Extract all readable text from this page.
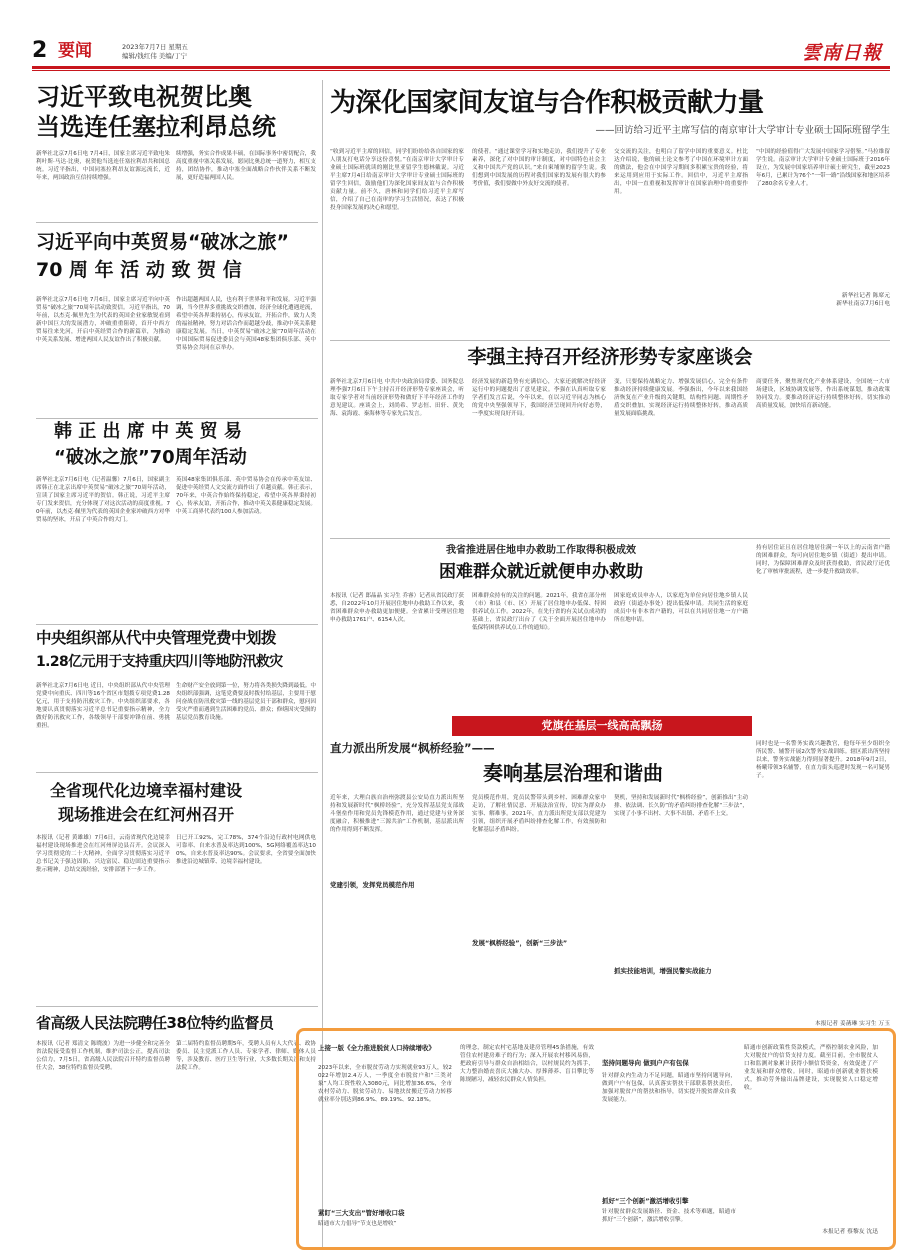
2 要闻	2023年7月7日 星期五
编辑/钱红伟 美编/丁宁	雲南日報
习近平致电祝贺比奥
当选连任塞拉利昂总统
新华社北京7月6日电 7月4日，国家主席习近平致电朱利叶斯·马达·比奥，祝贺他当选连任塞拉利昂共和国总统。习近平指出，中国同塞拉利昂友谊源远流长，近年来，两国政治互信持续增强。
续增强，务实合作成果丰硕，在国际事务中密切配合，我高度重视中塞关系发展，愿同比奥总统一道努力，相互支持，团结协作，推动中塞全面战略合作伙伴关系不断发展，更好造福两国人民。
习近平向中英贸易“破冰之旅”
70 周 年 活 动 致 贺 信
新华社北京7月6日电 7月6日，国家主席习近平向中英贸易“破冰之旅”70周年活动致贺信。习近平指出，70年前，以杰克·佩里先生为代表的英国企业家敏锐看到新中国巨大的发展潜力，冲破重重阻碍，首开中西方贸易往来先河，开启中英经贸合作的新篇章，为推动中英关系发展、增进两国人民友谊作出了积极贡献。
作出超越两国人民，也有利于世界和平和发展。习近平强调，当今世界多重挑战交织叠加，经济全球化遭遇逆流，希望中英各界秉持初心，传承友谊，开拓合作，致力人类的福祉精神，努力对话合作而超越分歧，推动中英关系健康稳定发展。当日，中英贸易“破冰之旅”70周年活动在中国国际贸易促进委员会与英国48家集团俱乐部、英中贸易协会共同在京举办。
韩 正 出 席 中 英 贸 易
“破冰之旅”70周年活动
新华社北京7月6日电（记者温馨）7月6日，国家副主席韩正在北京出席中英贸易“破冰之旅”70周年活动，宣读了国家主席习近平的贺信。韩正说，习近平主席专门发来贺信，充分体现了对这次活动的高度重视。70年前，以杰克·佩里为代表的英国企业家冲破西方对华贸易的坚冰，开启了中英合作的大门。
英国48家集团俱乐部、英中贸易协会在传承中英友谊、促进中英经贸人文交流方面作出了卓越贡献。韩正表示，70年来，中英合作始终保持稳定，希望中英各界秉持初心，传承友谊，开拓合作，推动中英关系健康稳定发展。中英工商界代表约100人参加活动。
中央组织部从代中央管理党费中划拨
1.28亿元用于支持重庆四川等地防汛救灾
新华社北京7月6日电 近日，中央组织部从代中央管理党费中向重庆、四川等16个省区市划拨专项党费1.28亿元，用于支持防汛救灾工作。中央组织部要求，各地要认真贯彻落实习近平总书记重要指示精神，全力做好防汛救灾工作，各级领导干部要冲锋在前、勇挑重担。
生命财产安全放到第一位，努力将各类损失降到最低。中央组织部强调，这笔党费要及时拨付给基层，主要用于慰问奋战在防汛救灾第一线的基层党员干部和群众，慰问因受灾严重而遇到生活困难的党员、群众；修缮因灾受损的基层党员教育设施。
全省现代化边境幸福村建设
现场推进会在红河州召开
本报讯（记者 黄雄雄）7月6日，云南省现代化边境幸福村建设现场推进会在红河州屏边县召开。会议深入学习贯彻党的二十大精神，全面学习贯彻落实习近平总书记关于强边固防、兴边富民、稳边固边重要指示批示精神，总结交流经验，安排部署下一步工作。
日已开工92%，完工78%，374个沿边行政村电网供电可靠率、自来水普及率达到100%，5G网络覆盖率达100%，自来水普及率达90%。会议要求，全省要全面加快推进沿边城镇带、边境幸福村建设。
省高级人民法院聘任38位特约监督员
本报讯（记者 郑清文 陈晓波）为进一步健全和完善全省法院接受监督工作机制，维护司法公正，提高司法公信力，7月5日，省高级人民法院召开特约监督员聘任大会，38位特约监督员受聘。
第二届特约监督员聘期5年，受聘人员有人大代表、政协委员、民主党派工作人员、专家学者、律师、媒体人员等，涉及教育、医疗卫生等行业，大多数长期关注和支持法院工作。
为深化国家间友谊与合作积极贡献力量
——回访给习近平主席写信的南京审计大学审计专业硕士国际班留学生
“收到习近平主席的回信，同学们纷纷给各自国家的家人朋友打电话分享这份喜悦。”在南京审计大学审计专业硕士国际班就读的刚比里亚留学生德林戴说。习近平主席7月4日给南京审计大学审计专业硕士国际班的留学生回信，鼓励他们为深化国家间友谊与合作积极贡献力量。前不久，唐林和同学们给习近平主席写信，介绍了自己在南审的学习生活情况，表达了积极投身国家发展的决心和愿望。
的使者。“通过课堂学习和实地走访，我们提升了专业素养，深化了对中国的审计制度，对中国特色社会主义和中国共产党的认识。”来自柬埔寨的留学生说。我们想到中国发展的历程对我们国家的发展有很大的参考价值，我们要做中外友好交流的使者。
交交流的关注，也明白了留学中国的重要意义。杜比达介绍说，他的硕士论文参考了中国在环境审计方面的做法，他会在中国学习期间多积累宝贵的经验，将来运用到应用于实际工作。回信中，习近平主席指出，中国一直重视和发挥审计在国家治理中的重要作用。
“中国的经验值得广大发展中国家学习借鉴。”马拉维留学生说。南京审计大学审计专业硕士国际班于2016年设立，为发展中国家培养审计硕士研究生，截至2023年6月，已累计为76个“一带一路”沿线国家和地区培养了280余名专业人才。
新华社记者 陈席元
新华社南京7月6日电
李强主持召开经济形势专家座谈会
新华社北京7月6日电 中共中央政治局常委、国务院总理李强7月6日下午主持召开经济形势专家座谈会，听取专家学者对当前经济形势和做好下半年经济工作的意见建议。座谈会上，刘尚希、罗志恒、田轩、黄先海、袁海霞、秦海林等专家先后发言。
经济发展的新趋势有充满信心，大家还就解决好经济运行中的问题提出了意见建议。李强在认真听取专家学者们发言后说，今年以来，在以习近平同志为核心的党中央坚强领导下，我国经济呈现回升向好态势，一季度实现良好开局。
变，只要保持战略定力、增强发展信心，完全有条件推动经济持续健康发展。李强指出，今年以来我国经济恢复在产业升级的关键期，结构性问题、周期性矛盾交织叠加，实现经济运行持续整体好转，推动高质量发展面临挑战。
商要任务，聚焦现代化产业体系建设，全国统一大市场建设，区域协调发展等，作出系统谋划，推动政策协同发力。要推动经济运行持续整体好转，切实推动高质量发展，加快培育新动能。
我省推进居住地申办救助工作取得积极成效
困难群众就近就便申办救助
本报讯（记者 郎晶晶 实习生 乔睿）记者从省民政厅获悉，自2022年10月开展居住地申办救助工作以来，我省困难群众申办救助更加便捷。全省累计受理居住地申办救助1761户、6154人次。
困难群众持有的关注的问题。2021年，我省在部分州（市）和县（市、区）开展了居住地申办低保、特困供养试点工作。2022年，在先行省的有关试点成功的基础上，省民政厅出台了《关于全面开展居住地申办低保特困供养试点工作的通知》。
困家庭成员申办人，以家庭为单位向居住地乡镇人民政府（街道办事处）提出低保申请。共同生活的家庭成员中有非本省户籍的，可以在共同居住地一方户籍所在地申请。
持有居住证且在居住地居住满一年以上的云南省户籍的困难群众，均可向居住地乡镇（街道）提出申请。同时，为保障困难群众及时获得救助，省民政厅还优化了审核审批流程，进一步提升救助效率。
党旗在基层一线高高飘扬
直力派出所发展“枫桥经验”——
奏响基层治理和谐曲
近年来，大理白族自治州弥渡县公安局直力派出所坚持和发展新时代“枫桥经验”，充分发挥基层党支部战斗堡垒作用和党员先锋模范作用，通过党建与业务深度融合，积极推进“三源共治”工作机制，基层派出所的作用得到不断发挥。
党建引领，发挥党员模范作用
党员模范作用，党员民警带头到乡村、困难群众家中走访，了解社情民意、开展法治宣传，切实为群众办实事、解难事。2021年，直力派出所党支部以党建为引领，组织开展矛盾纠纷排查化解工作，有效预防和化解基层矛盾纠纷。
发展“枫桥经验”，创新“三步法”
契机，坚持和发展新时代“枫桥经验”，创新推出“主动排、依法调、长久防”的矛盾纠纷排查化解“三步法”，实现了小事不出村、大事不出镇、矛盾不上交。
抓实技能培训，增强民警实战能力
同时也是一名警务实战兴趣教官，他每年至少组织全所民警、辅警开展2次警务实战训练。辖区派出所坚持以来，警务实战能力得到显著提升。2018年9月2日，杨曦带领3名辅警，在直力街头巡逻时发现一名可疑男子。
本报记者 姜菡琳 实习生 万玉
上接一版《全力推进脱贫人口持续增收》
2023年以来，全市脱贫劳动力实现就业93万人，较2022年增加2.4万人，一季度全市脱贫户和“三类对象”人均工资性收入3080元，同比增加36.6%，全市农村劳动力、脱贫劳动力、易地扶贫搬迁劳动力转移就业率分别达到86.9%、89.19%、92.18%。
紧盯“三大支出”管好增收口袋
昭通市大力倡导“节支也是增收”
的理念，制定农村宅基地及建房管理45条措施，有效管住农村建房难子的行为；深入开展农村移风易俗，把政府引导与群众自治相结合，以村规民约为抓手，大力整治婚丧喜庆大操大办、厚葬薄养、盲目攀比等陈规陋习，减轻农民群众人情负担。
坚持问题导向 做到户户有包保
针对群众内生动力不足问题，昭通市坚持问题导向，做到户户有包保，认真落实帮扶干部联系帮扶责任，加强对脱贫户的帮扶和指导，切实提升脱贫群众自我发展能力。
抓好“三个创新”激活增收引擎
针对脱贫群众发展路径、资金、技术等难题，昭通市抓好“三个创新”，激活增收引擎。
昭通市创新政策性贷款模式，严格控制农业风险，加大对脱贫户的信贷支持力度。截至目前，全市脱贫人口和监测对象累计获得小额信贷资金，有效促进了产业发展和群众增收。同时，昭通市创新就业帮扶模式，推动劳务输出品牌建设，实现脱贫人口稳定增收。
本报记者 蔡黎友 沈迅
